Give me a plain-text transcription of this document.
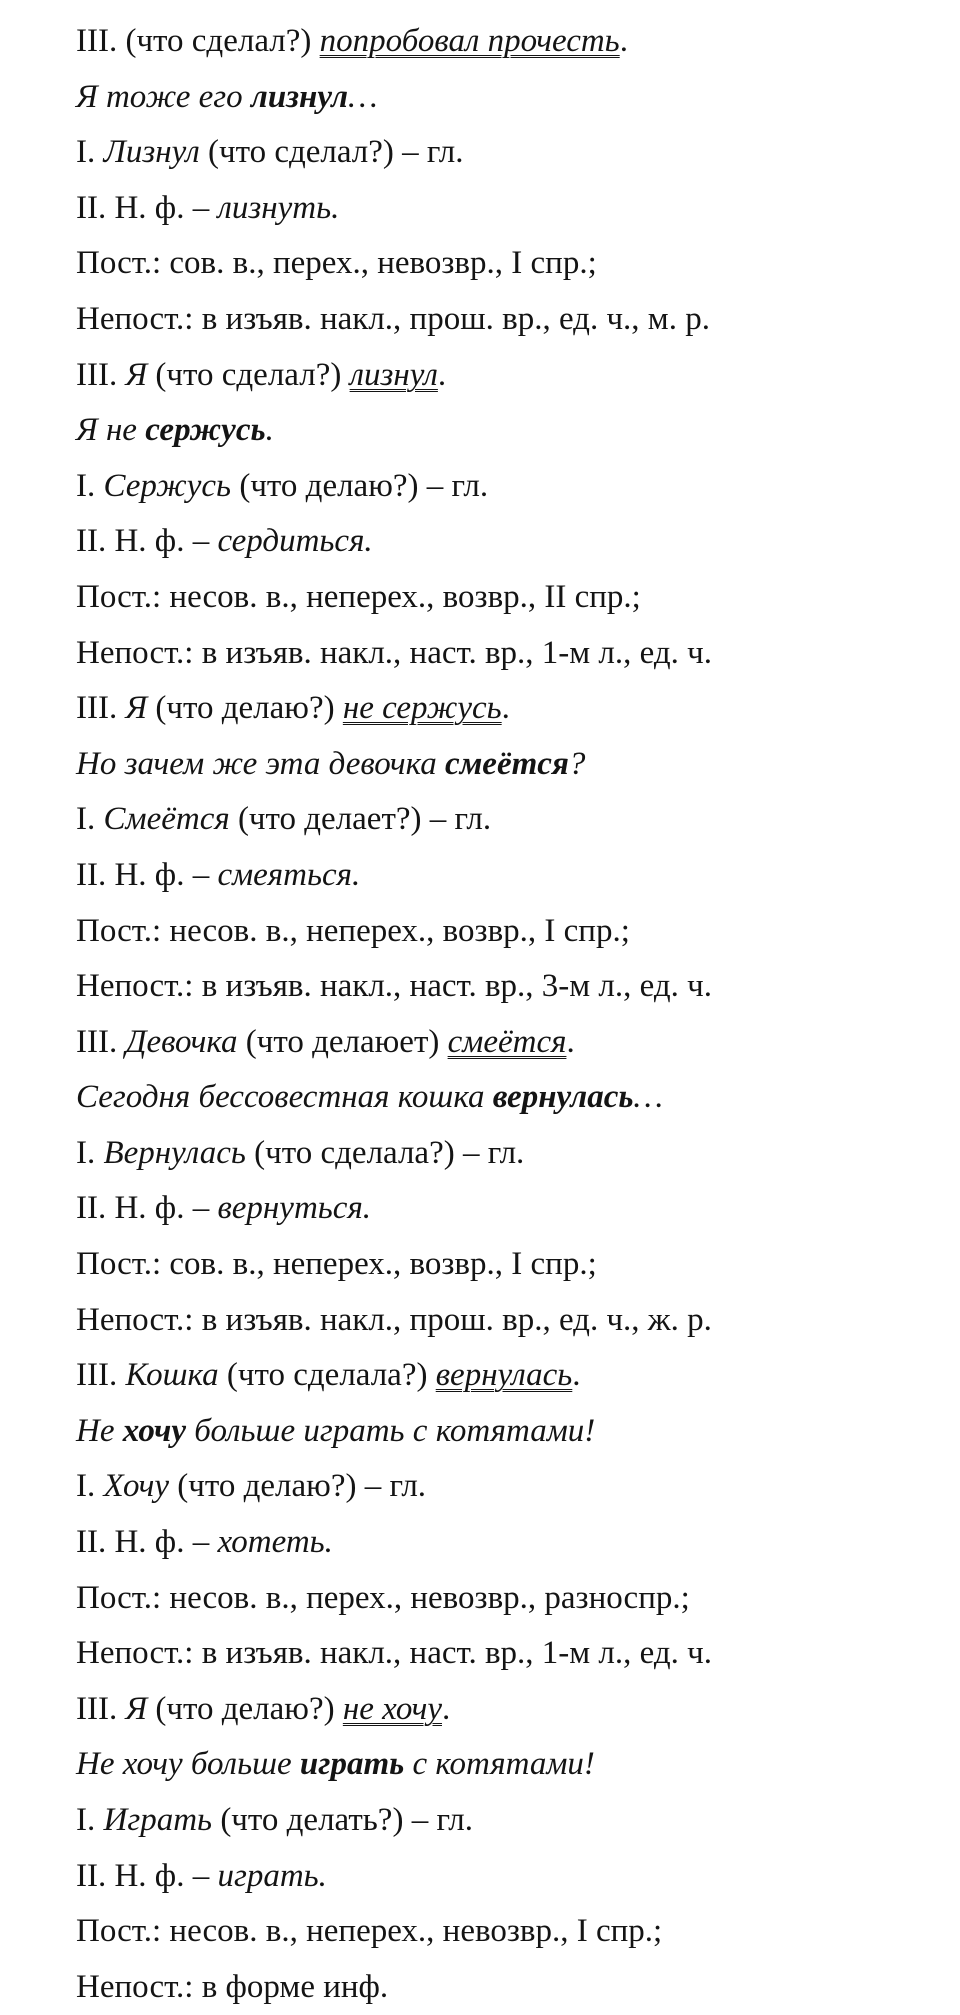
III. (что сделал?) попробовал прочесть.
Я тоже его лизнул…
I. Лизнул (что сделал?) – гл.
II. Н. ф. – лизнуть.
Пост.: сов. в., перех., невозвр., I спр.;
Непост.: в изъяв. накл., прош. вр., ед. ч., м. р.
III. Я (что сделал?) лизнул.
Я не сержусь.
I. Сержусь (что делаю?) – гл.
II. Н. ф. – сердиться.
Пост.: несов. в., неперех., возвр., II спр.;
Непост.: в изъяв. накл., наст. вр., 1-м л., ед. ч.
III. Я (что делаю?) не сержусь.
Но зачем же эта девочка смеётся?
I. Смеётся (что делает?) – гл.
II. Н. ф. – смеяться.
Пост.: несов. в., неперех., возвр., I спр.;
Непост.: в изъяв. накл., наст. вр., 3-м л., ед. ч.
III. Девочка (что делаюет) смеётся.
Сегодня бессовестная кошка вернулась…
I. Вернулась (что сделала?) – гл.
II. Н. ф. – вернуться.
Пост.: сов. в., неперех., возвр., I спр.;
Непост.: в изъяв. накл., прош. вр., ед. ч., ж. р.
III. Кошка (что сделала?) вернулась.
Не хочу больше играть с котятами!
I. Хочу (что делаю?) – гл.
II. Н. ф. – хотеть.
Пост.: несов. в., перех., невозвр., разноспр.;
Непост.: в изъяв. накл., наст. вр., 1-м л., ед. ч.
III. Я (что делаю?) не хочу.
Не хочу больше играть с котятами!
I. Играть (что делать?) – гл.
II. Н. ф. – играть.
Пост.: несов. в., неперех., невозвр., I спр.;
Непост.: в форме инф.
